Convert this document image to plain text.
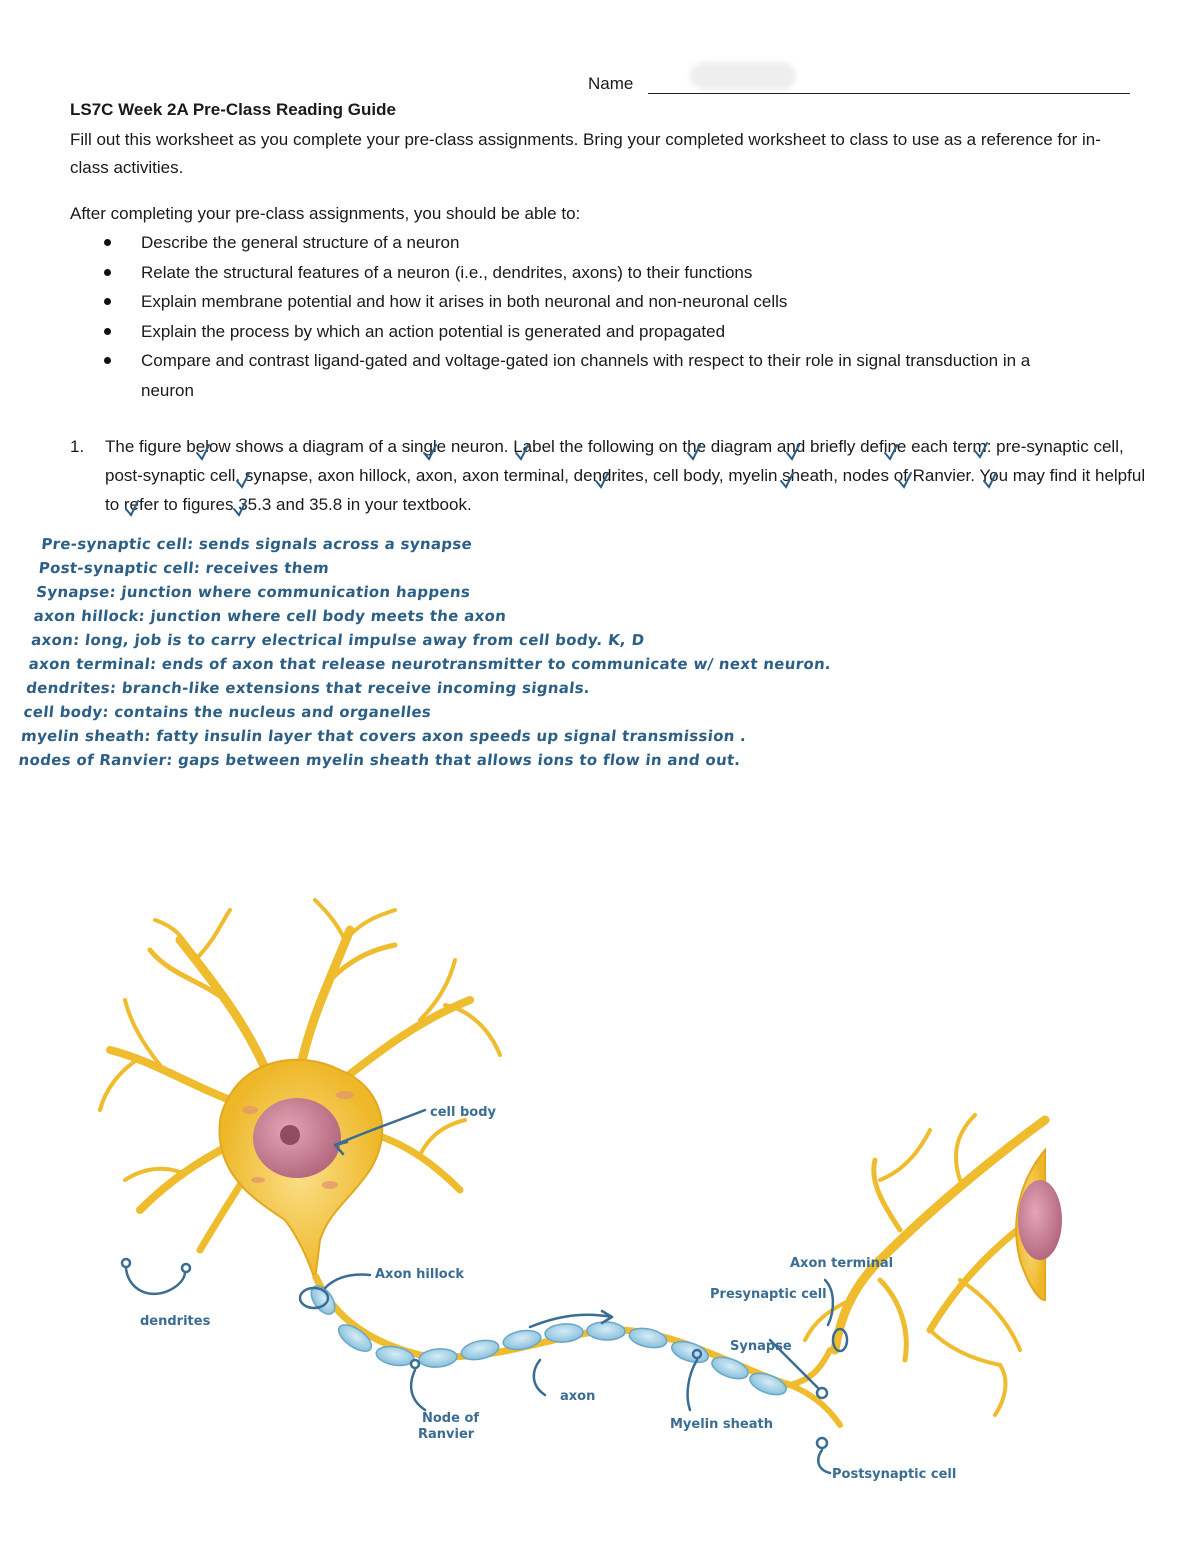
Name
LS7C Week 2A Pre-Class Reading Guide
Fill out this worksheet as you complete your pre-class assignments. Bring your completed worksheet to class to use as a reference for in-class activities.
After completing your pre-class assignments, you should be able to:
Describe the general structure of a neuron
Relate the structural features of a neuron (i.e., dendrites, axons) to their functions
Explain membrane potential and how it arises in both neuronal and non-neuronal cells
Explain the process by which an action potential is generated and propagated
Compare and contrast ligand-gated and voltage-gated ion channels with respect to their role in signal transduction in a neuron
1. The figure below shows a diagram of a single neuron. Label the following on the diagram and briefly define each term: pre-synaptic cell, post-synaptic cell, synapse, axon hillock, axon, axon terminal, dendrites, cell body, myelin sheath, nodes of Ranvier. You may find it helpful to refer to figures 35.3 and 35.8 in your textbook.
Pre-synaptic cell: sends signals across a synapse
Post-synaptic cell: receives them
Synapse: junction where communication happens
axon hillock: junction where cell body meets the axon
axon: long, job is to carry electrical impulse away from cell body. K, D
axon terminal: ends of axon that release neurotransmitter to communicate w/ next neuron.
dendrites: branch-like extensions that receive incoming signals.
cell body: contains the nucleus and organelles
myelin sheath: fatty insulin layer that covers axon speeds up signal transmission .
nodes of Ranvier: gaps between myelin sheath that allows ions to flow in and out.
cell body
Axon hillock
dendrites
Node of
Ranvier
axon
Myelin sheath
Axon terminal
Presynaptic cell
Synapse
Postsynaptic cell
